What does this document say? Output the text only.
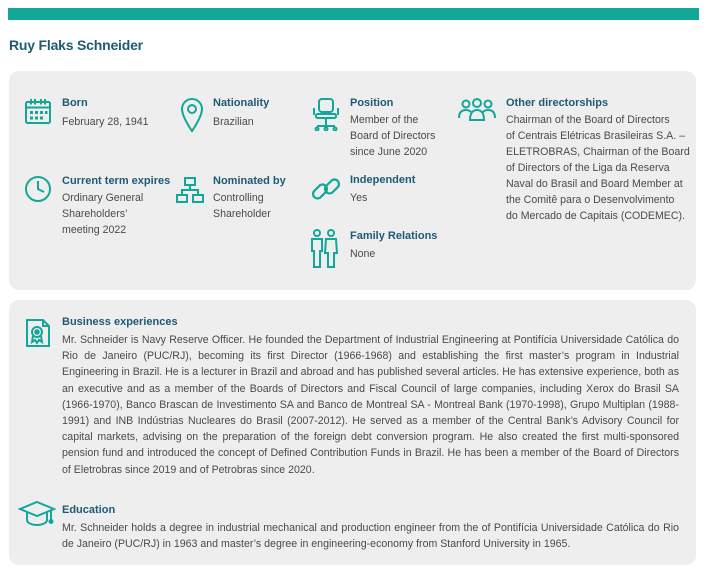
Ruy Flaks Schneider
Born
February 28, 1941
Nationality
Brazilian
Position
Member of the
Board of Directors
since June 2020
Other directorships
Chairman of the Board of Directors
of Centrais Elétricas Brasileiras S.A. –
ELETROBRAS, Chairman of the Board
of Directors of the Liga da Reserva
Naval do Brasil and Board Member at
the Comitê para o Desenvolvimento
do Mercado de Capitais (CODEMEC).
Current term expires
Ordinary General
Shareholders’
meeting 2022
Nominated by
Controlling
Shareholder
Independent
Yes
Family Relations
None
Business experiences

Mr. Schneider is Navy Reserve Officer. He founded the Department of Industrial Engineering at Pontifícia Universidade Católica do Rio de Janeiro (PUC/RJ), becoming its first Director (1966-1968) and establishing the first master’s program in Industrial Engineering in Brazil. He is a lecturer in Brazil and abroad and has published several articles. He has extensive experience, both as an executive and as a member of the Boards of Directors and Fiscal Council of large companies, including Xerox do Brasil SA (1966-1970), Banco Brascan de Investimento SA and Banco de Montreal SA - Montreal Bank (1970-1998), Grupo Multiplan (1988-1991) and INB Indústrias Nucleares do Brasil (2007-2012). He served as a member of the Central Bank’s Advisory Council for capital markets, advising on the preparation of the foreign debt conversion program. He also created the first multi-sponsored pension fund and introduced the concept of Defined Contribution Funds in Brazil. He has been a member of the Board of Directors of Eletrobras since 2019 and of Petrobras since 2020.

Education

Mr. Schneider holds a degree in industrial mechanical and production engineer from the of Pontifícia Universidade Católica do Rio de Janeiro (PUC/RJ) in 1963 and master’s degree in engineering-economy from Stanford University in 1965.
